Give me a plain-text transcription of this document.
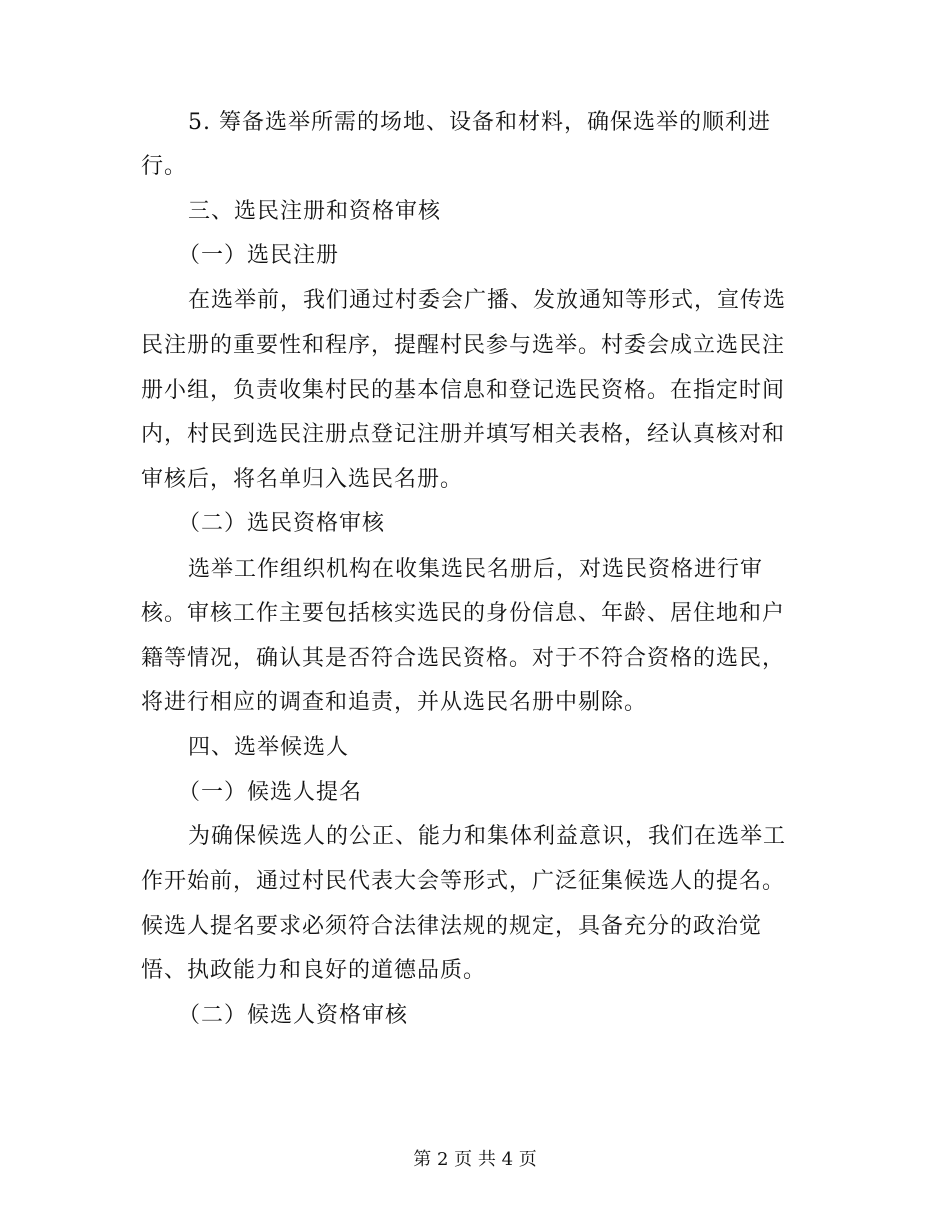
5. 筹备选举所需的场地、设备和材料，确保选举的顺利进
行。
三、选民注册和资格审核
（一）选民注册
在选举前，我们通过村委会广播、发放通知等形式，宣传选
民注册的重要性和程序，提醒村民参与选举。村委会成立选民注
册小组，负责收集村民的基本信息和登记选民资格。在指定时间
内，村民到选民注册点登记注册并填写相关表格，经认真核对和
审核后，将名单归入选民名册。
（二）选民资格审核
选举工作组织机构在收集选民名册后，对选民资格进行审
核。审核工作主要包括核实选民的身份信息、年龄、居住地和户
籍等情况，确认其是否符合选民资格。对于不符合资格的选民，
将进行相应的调查和追责，并从选民名册中剔除。
四、选举候选人
（一）候选人提名
为确保候选人的公正、能力和集体利益意识，我们在选举工
作开始前，通过村民代表大会等形式，广泛征集候选人的提名。
候选人提名要求必须符合法律法规的规定，具备充分的政治觉
悟、执政能力和良好的道德品质。
（二）候选人资格审核
第 2 页 共 4 页
